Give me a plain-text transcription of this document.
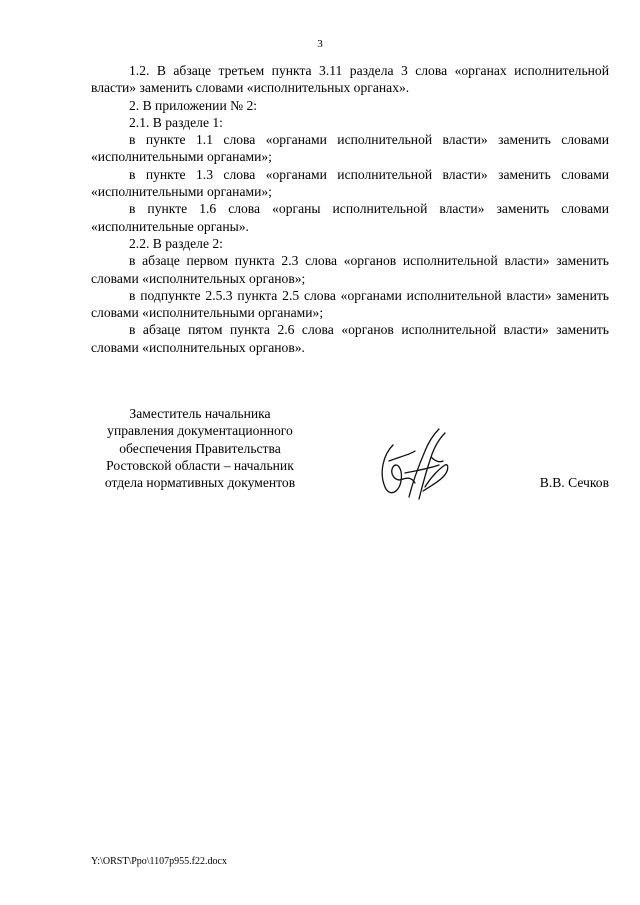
3

1.2. В абзаце третьем пункта 3.11 раздела 3 слова «органах исполнительной власти» заменить словами «исполнительных органах».

2. В приложении № 2:

2.1. В разделе 1:

в пункте 1.1 слова «органами исполнительной власти» заменить словами «исполнительными органами»;

в пункте 1.3 слова «органами исполнительной власти» заменить словами «исполнительными органами»;

в пункте 1.6 слова «органы исполнительной власти» заменить словами «исполнительные органы».

2.2. В разделе 2:

в абзаце первом пункта 2.3 слова «органов исполнительной власти» заменить словами «исполнительных органов»;

в подпункте 2.5.3 пункта 2.5 слова «органами исполнительной власти» заменить словами «исполнительными органами»;

в абзаце пятом пункта 2.6 слова «органов исполнительной власти» заменить словами «исполнительных органов».

Заместитель начальника
управления документационного
обеспечения Правительства
Ростовской области – начальник
отдела нормативных документов	В.В. Сечков
Y:\ORST\Ppo\1107p955.f22.docx
